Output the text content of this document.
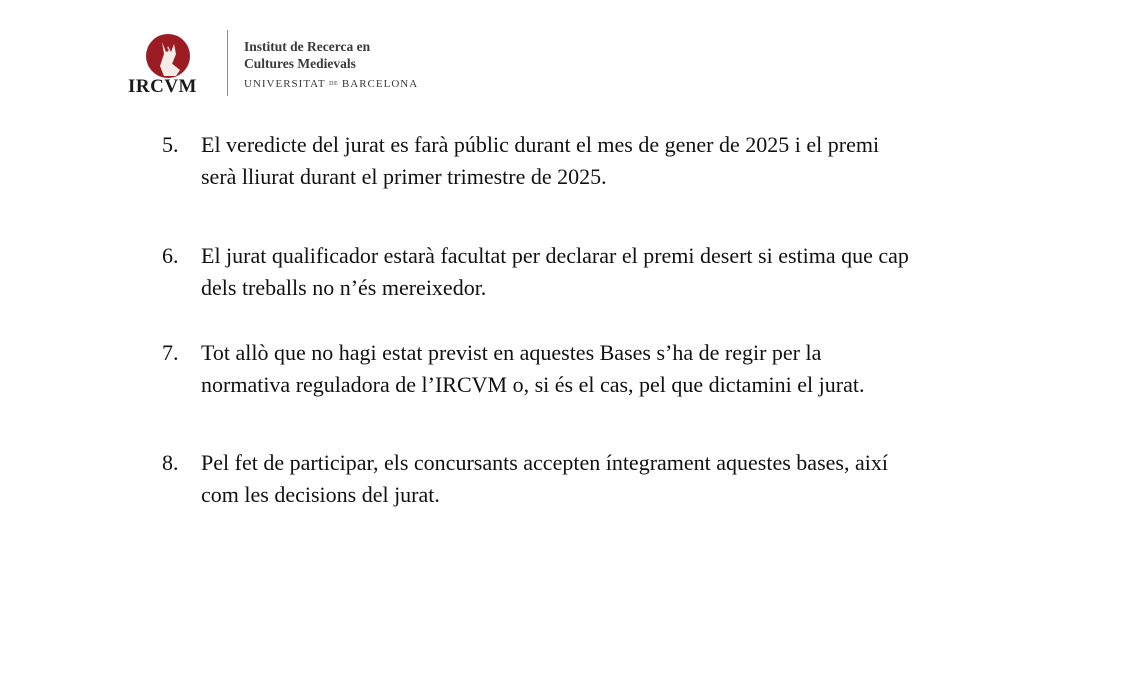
IRCVM
Institut de Recerca en
Cultures Medievals
UNIVERSITAT DE BARCELONA
5. El veredicte del jurat es farà públic durant el mes de gener de 2025 i el premi
serà lliurat durant el primer trimestre de 2025.
6. El jurat qualificador estarà facultat per declarar el premi desert si estima que cap
dels treballs no n’és mereixedor.
7. Tot allò que no hagi estat previst en aquestes Bases s’ha de regir per la
normativa reguladora de l’IRCVM o, si és el cas, pel que dictamini el jurat.
8. Pel fet de participar, els concursants accepten íntegrament aquestes bases, així
com les decisions del jurat.
